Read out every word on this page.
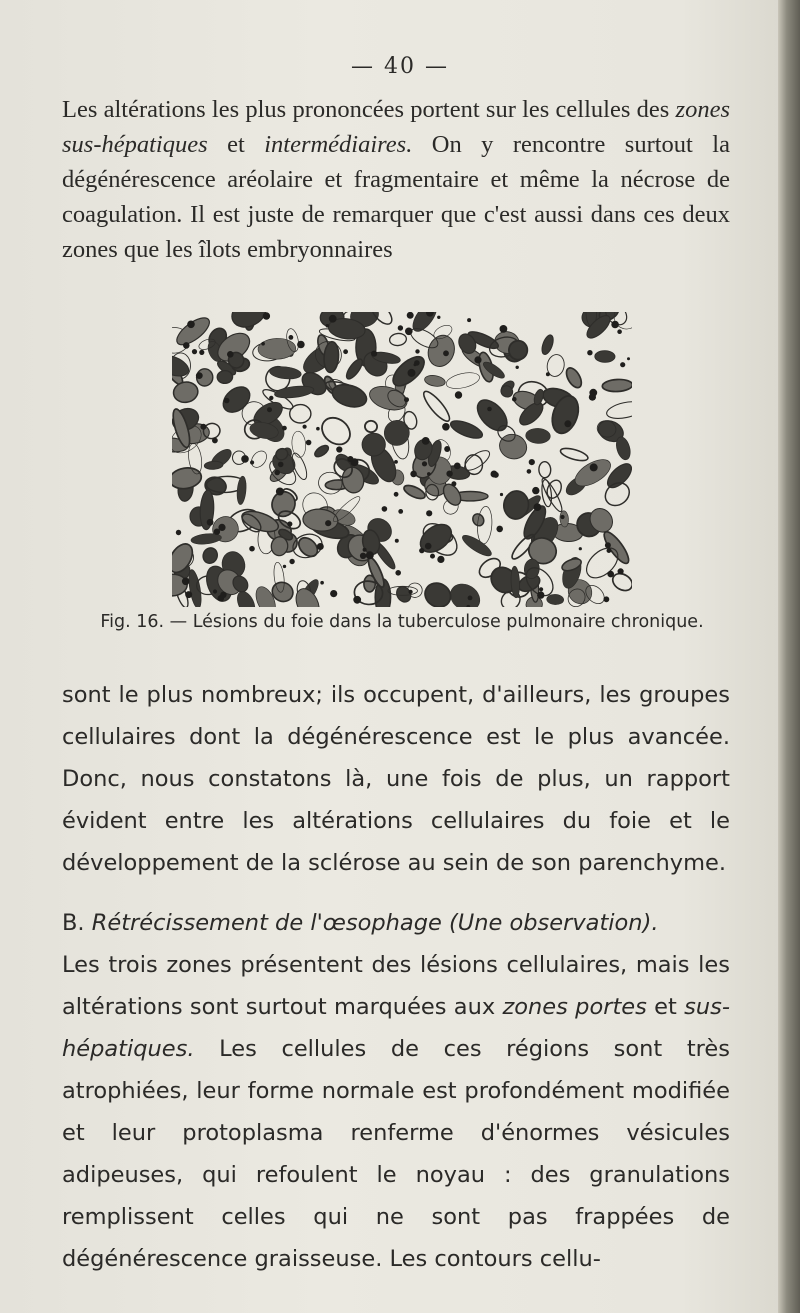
— 40 —

Les altérations les plus prononcées portent sur les cellules des zones sus-hépatiques et intermédiaires. On y rencontre surtout la dégénérescence aréolaire et fragmentaire et même la nécrose de coagulation. Il est juste de remarquer que c'est aussi dans ces deux zones que les îlots embryonnaires

Fig. 16. — Lésions du foie dans la tuberculose pulmonaire chronique.

sont le plus nombreux; ils occupent, d'ailleurs, les groupes cellulaires dont la dégénérescence est le plus avancée. Donc, nous constatons là, une fois de plus, un rapport évident entre les altérations cellulaires du foie et le développement de la sclérose au sein de son parenchyme.

B. Rétrécissement de l'œsophage (Une observation).

Les trois zones présentent des lésions cellulaires, mais les altérations sont surtout marquées aux zones portes et sus-hépatiques. Les cellules de ces régions sont très atrophiées, leur forme normale est profondément modifiée et leur protoplasma renferme d'énormes vésicules adipeuses, qui refoulent le noyau : des granulations remplissent celles qui ne sont pas frappées de dégénérescence graisseuse. Les contours cellu-
